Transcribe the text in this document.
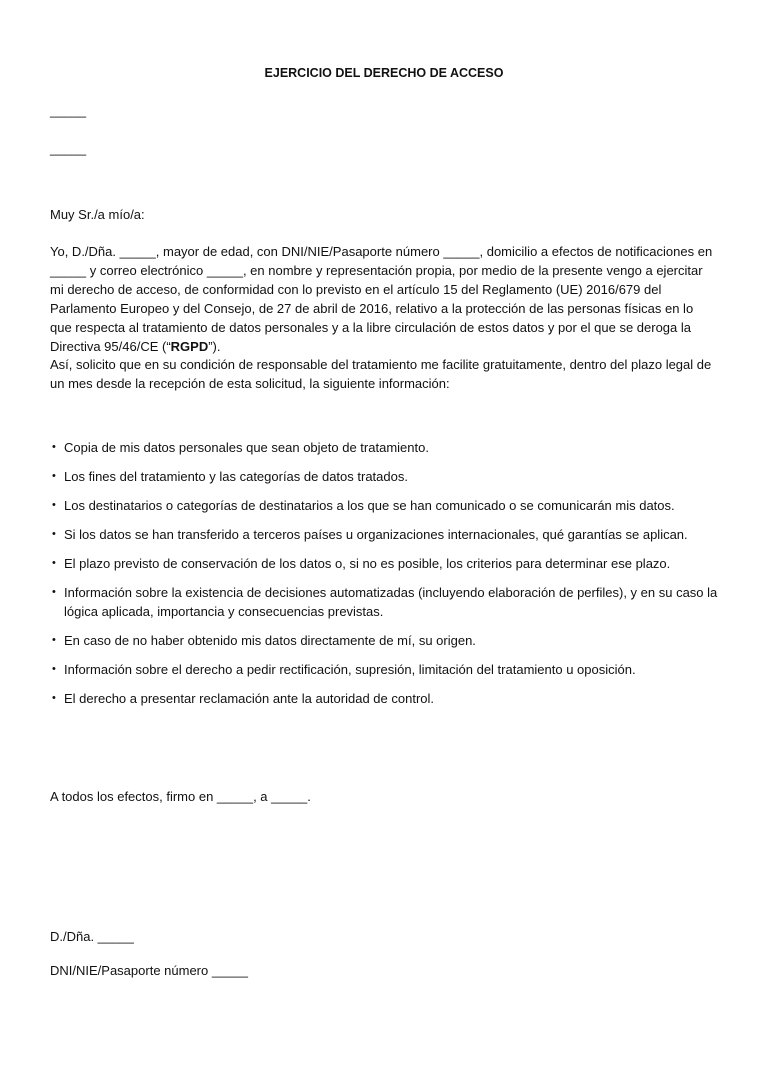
EJERCICIO DEL DERECHO DE ACCESO
_____
_____

Muy Sr./a mío/a:

Yo, D./Dña. _____, mayor de edad, con DNI/NIE/Pasaporte número _____, domicilio a efectos de notificaciones en _____ y correo electrónico _____, en nombre y representación propia, por medio de la presente vengo a ejercitar mi derecho de acceso, de conformidad con lo previsto en el artículo 15 del Reglamento (UE) 2016/679 del Parlamento Europeo y del Consejo, de 27 de abril de 2016, relativo a la protección de las personas físicas en lo que respecta al tratamiento de datos personales y a la libre circulación de estos datos y por el que se deroga la Directiva 95/46/CE (“RGPD”).

Así, solicito que en su condición de responsable del tratamiento me facilite gratuitamente, dentro del plazo legal de un mes desde la recepción de esta solicitud, la siguiente información:

• Copia de mis datos personales que sean objeto de tratamiento.
• Los fines del tratamiento y las categorías de datos tratados.
• Los destinatarios o categorías de destinatarios a los que se han comunicado o se comunicarán mis datos.
• Si los datos se han transferido a terceros países u organizaciones internacionales, qué garantías se aplican.
• El plazo previsto de conservación de los datos o, si no es posible, los criterios para determinar ese plazo.
• Información sobre la existencia de decisiones automatizadas (incluyendo elaboración de perfiles), y en su caso la lógica aplicada, importancia y consecuencias previstas.
• En caso de no haber obtenido mis datos directamente de mí, su origen.
• Información sobre el derecho a pedir rectificación, supresión, limitación del tratamiento u oposición.
• El derecho a presentar reclamación ante la autoridad de control.

A todos los efectos, firmo en _____, a _____.

D./Dña. _____

DNI/NIE/Pasaporte número _____
